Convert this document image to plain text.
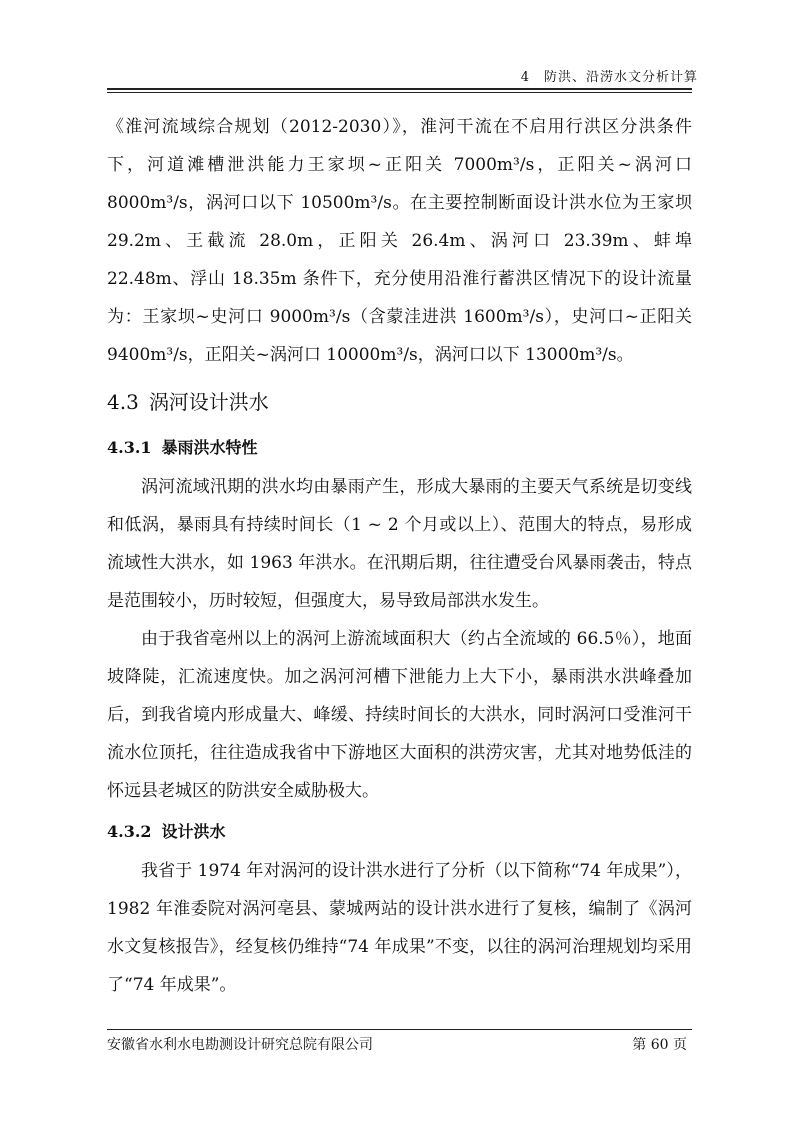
4　防洪、沿涝水文分析计算

《淮河流域综合规划（2012-2030）》，淮河干流在不启用行洪区分洪条件下，河道滩槽泄洪能力王家坝~正阳关 7000m³/s，正阳关~涡河口 8000m³/s，涡河口以下 10500m³/s。在主要控制断面设计洪水位为王家坝 29.2m、王截流 28.0m，正阳关 26.4m、涡河口 23.39m、蚌埠 22.48m、浮山 18.35m 条件下，充分使用沿淮行蓄洪区情况下的设计流量为：王家坝~史河口 9000m³/s（含蒙洼进洪 1600m³/s），史河口~正阳关 9400m³/s，正阳关~涡河口 10000m³/s，涡河口以下 13000m³/s。

4.3 涡河设计洪水
4.3.1 暴雨洪水特性

涡河流域汛期的洪水均由暴雨产生，形成大暴雨的主要天气系统是切变线和低涡，暴雨具有持续时间长（1 ~ 2 个月或以上）、范围大的特点，易形成流域性大洪水，如 1963 年洪水。在汛期后期，往往遭受台风暴雨袭击，特点是范围较小，历时较短，但强度大，易导致局部洪水发生。

由于我省亳州以上的涡河上游流域面积大（约占全流域的 66.5％），地面坡降陡，汇流速度快。加之涡河河槽下泄能力上大下小，暴雨洪水洪峰叠加后，到我省境内形成量大、峰缓、持续时间长的大洪水，同时涡河口受淮河干流水位顶托，往往造成我省中下游地区大面积的洪涝灾害，尤其对地势低洼的怀远县老城区的防洪安全威胁极大。

4.3.2 设计洪水

我省于 1974 年对涡河的设计洪水进行了分析（以下简称“74 年成果”），1982 年淮委院对涡河亳县、蒙城两站的设计洪水进行了复核，编制了《涡河水文复核报告》，经复核仍维持“74 年成果”不变，以往的涡河治理规划均采用了“74 年成果”。

安徽省水利水电勘测设计研究总院有限公司	第 60 页
